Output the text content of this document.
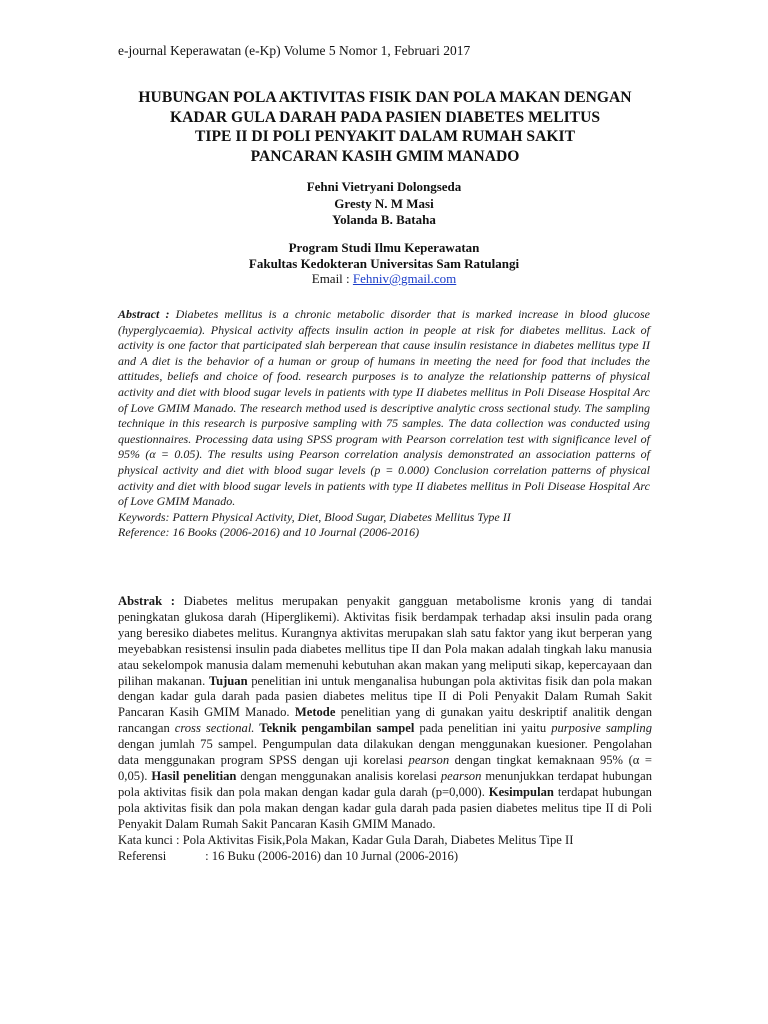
e-journal Keperawatan (e-Kp) Volume 5 Nomor 1, Februari 2017
HUBUNGAN POLA AKTIVITAS FISIK DAN POLA MAKAN DENGAN
KADAR GULA DARAH PADA PASIEN DIABETES MELITUS
TIPE II DI POLI PENYAKIT DALAM RUMAH SAKIT
PANCARAN KASIH GMIM MANADO
Fehni Vietryani Dolongseda
Gresty N. M Masi
Yolanda B. Bataha
Program Studi Ilmu Keperawatan
Fakultas Kedokteran Universitas Sam Ratulangi
Email : Fehniv@gmail.com

Abstract : Diabetes mellitus is a chronic metabolic disorder that is marked increase in blood glucose (hyperglycaemia). Physical activity affects insulin action in people at risk for diabetes mellitus. Lack of activity is one factor that participated slah berperean that cause insulin resistance in diabetes mellitus type II and A diet is the behavior of a human or group of humans in meeting the need for food that includes the attitudes, beliefs and choice of food. research purposes is to analyze the relationship patterns of physical activity and diet with blood sugar levels in patients with type II diabetes mellitus in Poli Disease Hospital Arc of Love GMIM Manado. The research method used is descriptive analytic cross sectional study. The sampling technique in this research is purposive sampling with 75 samples. The data collection was conducted using questionnaires. Processing data using SPSS program with Pearson correlation test with significance level of 95% (α = 0.05). The results using Pearson correlation analysis demonstrated an association patterns of physical activity and diet with blood sugar levels (p = 0.000) Conclusion correlation patterns of physical activity and diet with blood sugar levels in patients with type II diabetes mellitus in Poli Disease Hospital Arc of Love GMIM Manado.

Keywords: Pattern Physical Activity, Diet, Blood Sugar, Diabetes Mellitus Type II

Reference: 16 Books (2006-2016) and 10 Journal (2006-2016)

Abstrak : Diabetes melitus merupakan penyakit gangguan metabolisme kronis yang di tandai peningkatan glukosa darah (Hiperglikemi). Aktivitas fisik berdampak terhadap aksi insulin pada orang yang beresiko diabetes melitus. Kurangnya aktivitas merupakan slah satu faktor yang ikut berperan yang meyebabkan resistensi insulin pada diabetes mellitus tipe II dan Pola makan adalah tingkah laku manusia atau sekelompok manusia dalam memenuhi kebutuhan akan makan yang meliputi sikap, kepercayaan dan pilihan makanan. Tujuan penelitian ini untuk menganalisa hubungan pola aktivitas fisik dan pola makan dengan kadar gula darah pada pasien diabetes melitus tipe II di Poli Penyakit Dalam Rumah Sakit Pancaran Kasih GMIM Manado. Metode penelitian yang di gunakan yaitu deskriptif analitik dengan rancangan cross sectional. Teknik pengambilan sampel pada penelitian ini yaitu purposive sampling dengan jumlah 75 sampel. Pengumpulan data dilakukan dengan menggunakan kuesioner. Pengolahan data menggunakan program SPSS dengan uji korelasi pearson dengan tingkat kemaknaan 95% (α = 0,05). Hasil penelitian dengan menggunakan analisis korelasi pearson menunjukkan terdapat hubungan pola aktivitas fisik dan pola makan dengan kadar gula darah (p=0,000). Kesimpulan terdapat hubungan pola aktivitas fisik dan pola makan dengan kadar gula darah pada pasien diabetes melitus tipe II di Poli Penyakit Dalam Rumah Sakit Pancaran Kasih GMIM Manado.

Kata kunci : Pola Aktivitas Fisik,Pola Makan, Kadar Gula Darah, Diabetes Melitus Tipe II

Referensi	: 16 Buku (2006-2016) dan 10 Jurnal (2006-2016)
